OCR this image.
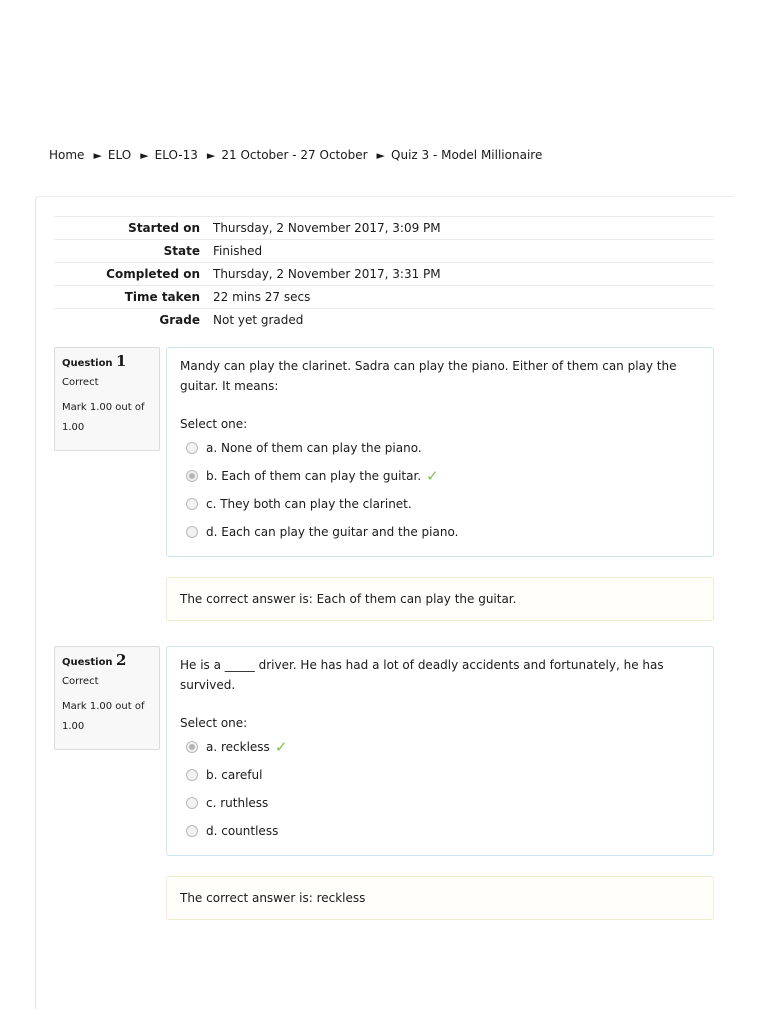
Home ► ELO ► ELO-13 ► 21 October - 27 October ► Quiz 3 - Model Millionaire
Started on	Thursday, 2 November 2017, 3:09 PM
State	Finished
Completed on	Thursday, 2 November 2017, 3:31 PM
Time taken	22 mins 27 secs
Grade	Not yet graded
Question 1
Correct
Mark 1.00 out of 1.00
Mandy can play the clarinet. Sadra can play the piano. Either of them can play the guitar. It means:
Select one:
a. None of them can play the piano.
b. Each of them can play the guitar. ✓
c. They both can play the clarinet.
d. Each can play the guitar and the piano.
The correct answer is: Each of them can play the guitar.
Question 2
Correct
Mark 1.00 out of 1.00
He is a _____ driver. He has had a lot of deadly accidents and fortunately, he has survived.
Select one:
a. reckless ✓
b. careful
c. ruthless
d. countless
The correct answer is: reckless
